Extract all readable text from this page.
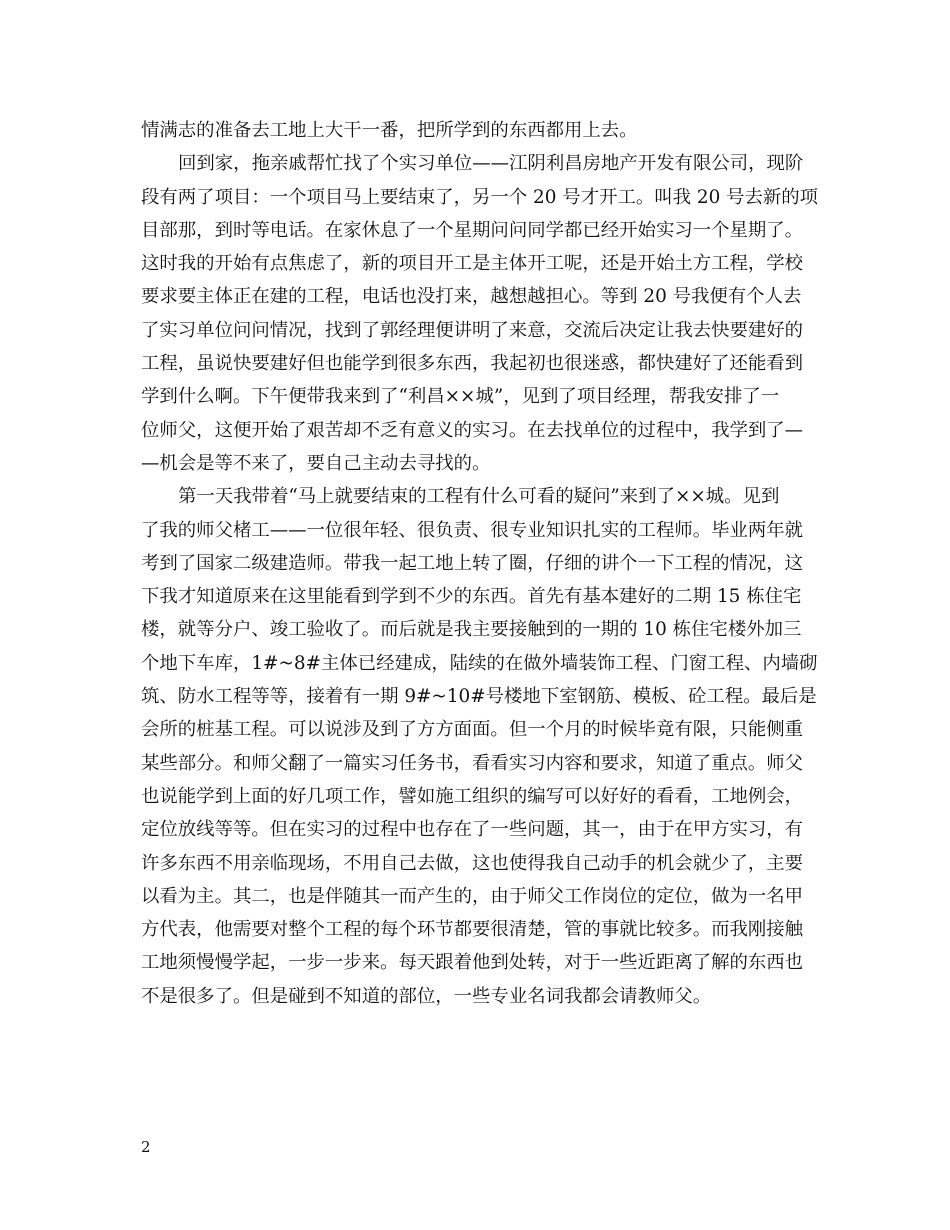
情满志的准备去工地上大干一番，把所学到的东西都用上去。
回到家，拖亲戚帮忙找了个实习单位——江阴利昌房地产开发有限公司，现阶
段有两了项目：一个项目马上要结束了，另一个 20 号才开工。叫我 20 号去新的项
目部那，到时等电话。在家休息了一个星期问问同学都已经开始实习一个星期了。
这时我的开始有点焦虑了，新的项目开工是主体开工呢，还是开始土方工程，学校
要求要主体正在建的工程，电话也没打来，越想越担心。等到 20 号我便有个人去
了实习单位问问情况，找到了郭经理便讲明了来意，交流后决定让我去快要建好的
工程，虽说快要建好但也能学到很多东西，我起初也很迷惑，都快建好了还能看到
学到什么啊。下午便带我来到了“利昌××城”，见到了项目经理，帮我安排了一
位师父，这便开始了艰苦却不乏有意义的实习。在去找单位的过程中，我学到了—
—机会是等不来了，要自己主动去寻找的。
第一天我带着“马上就要结束的工程有什么可看的疑问”来到了××城。见到
了我的师父楮工——一位很年轻、很负责、很专业知识扎实的工程师。毕业两年就
考到了国家二级建造师。带我一起工地上转了圈，仔细的讲个一下工程的情况，这
下我才知道原来在这里能看到学到不少的东西。首先有基本建好的二期 15 栋住宅
楼，就等分户、竣工验收了。而后就是我主要接触到的一期的 10 栋住宅楼外加三
个地下车库，1#~8#主体已经建成，陆续的在做外墙装饰工程、门窗工程、内墙砌
筑、防水工程等等，接着有一期 9#~10#号楼地下室钢筋、模板、砼工程。最后是
会所的桩基工程。可以说涉及到了方方面面。但一个月的时候毕竟有限，只能侧重
某些部分。和师父翻了一篇实习任务书，看看实习内容和要求，知道了重点。师父
也说能学到上面的好几项工作，譬如施工组织的编写可以好好的看看，工地例会，
定位放线等等。但在实习的过程中也存在了一些问题，其一，由于在甲方实习，有
许多东西不用亲临现场，不用自己去做，这也使得我自己动手的机会就少了，主要
以看为主。其二，也是伴随其一而产生的，由于师父工作岗位的定位，做为一名甲
方代表，他需要对整个工程的每个环节都要很清楚，管的事就比较多。而我刚接触
工地须慢慢学起，一步一步来。每天跟着他到处转，对于一些近距离了解的东西也
不是很多了。但是碰到不知道的部位，一些专业名词我都会请教师父。
2
